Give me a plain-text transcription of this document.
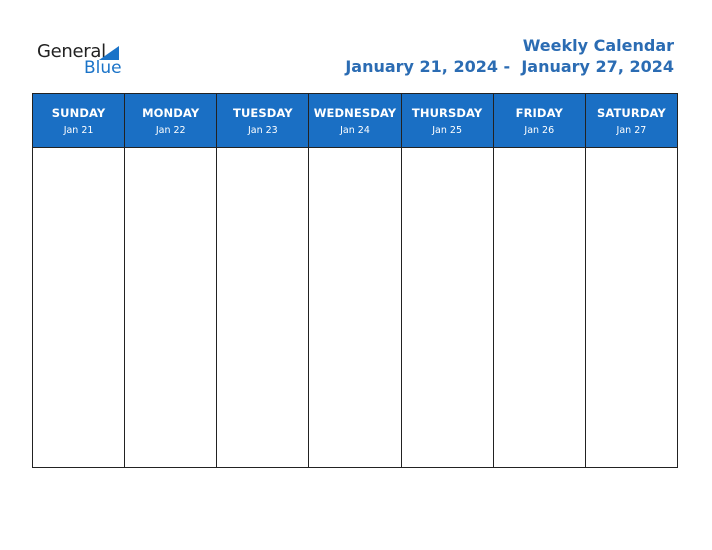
General
Blue
Weekly Calendar
January 21, 2024 -  January 27, 2024
SUNDAY
Jan 21
MONDAY
Jan 22
TUESDAY
Jan 23
WEDNESDAY
Jan 24
THURSDAY
Jan 25
FRIDAY
Jan 26
SATURDAY
Jan 27
